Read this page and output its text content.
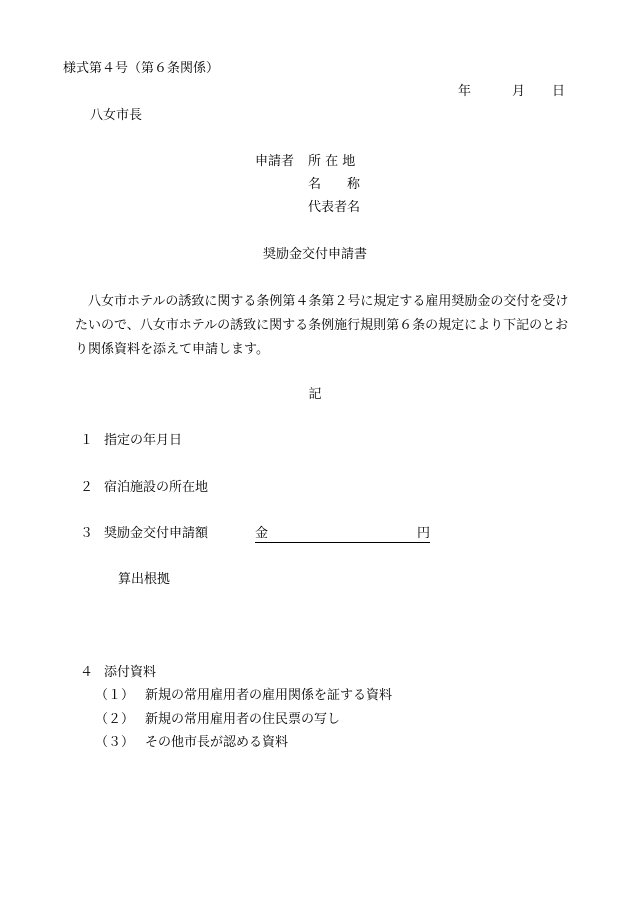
様式第４号（第６条関係）
年	月 日
八女市長
申請者 所 在 地
名　　称
代表者名
奨励金交付申請書
八女市ホテルの誘致に関する条例第４条第２号に規定する雇用奨励金の交付を受けたいので、八女市ホテルの誘致に関する条例施行規則第６条の規定により下記のとおり関係資料を添えて申請します。
記
１ 指定の年月日
２ 宿泊施設の所在地
３ 奨励金交付申請額	金	円
算出根拠
４ 添付資料
（１） 新規の常用雇用者の雇用関係を証する資料
（２） 新規の常用雇用者の住民票の写し
（３） その他市長が認める資料
